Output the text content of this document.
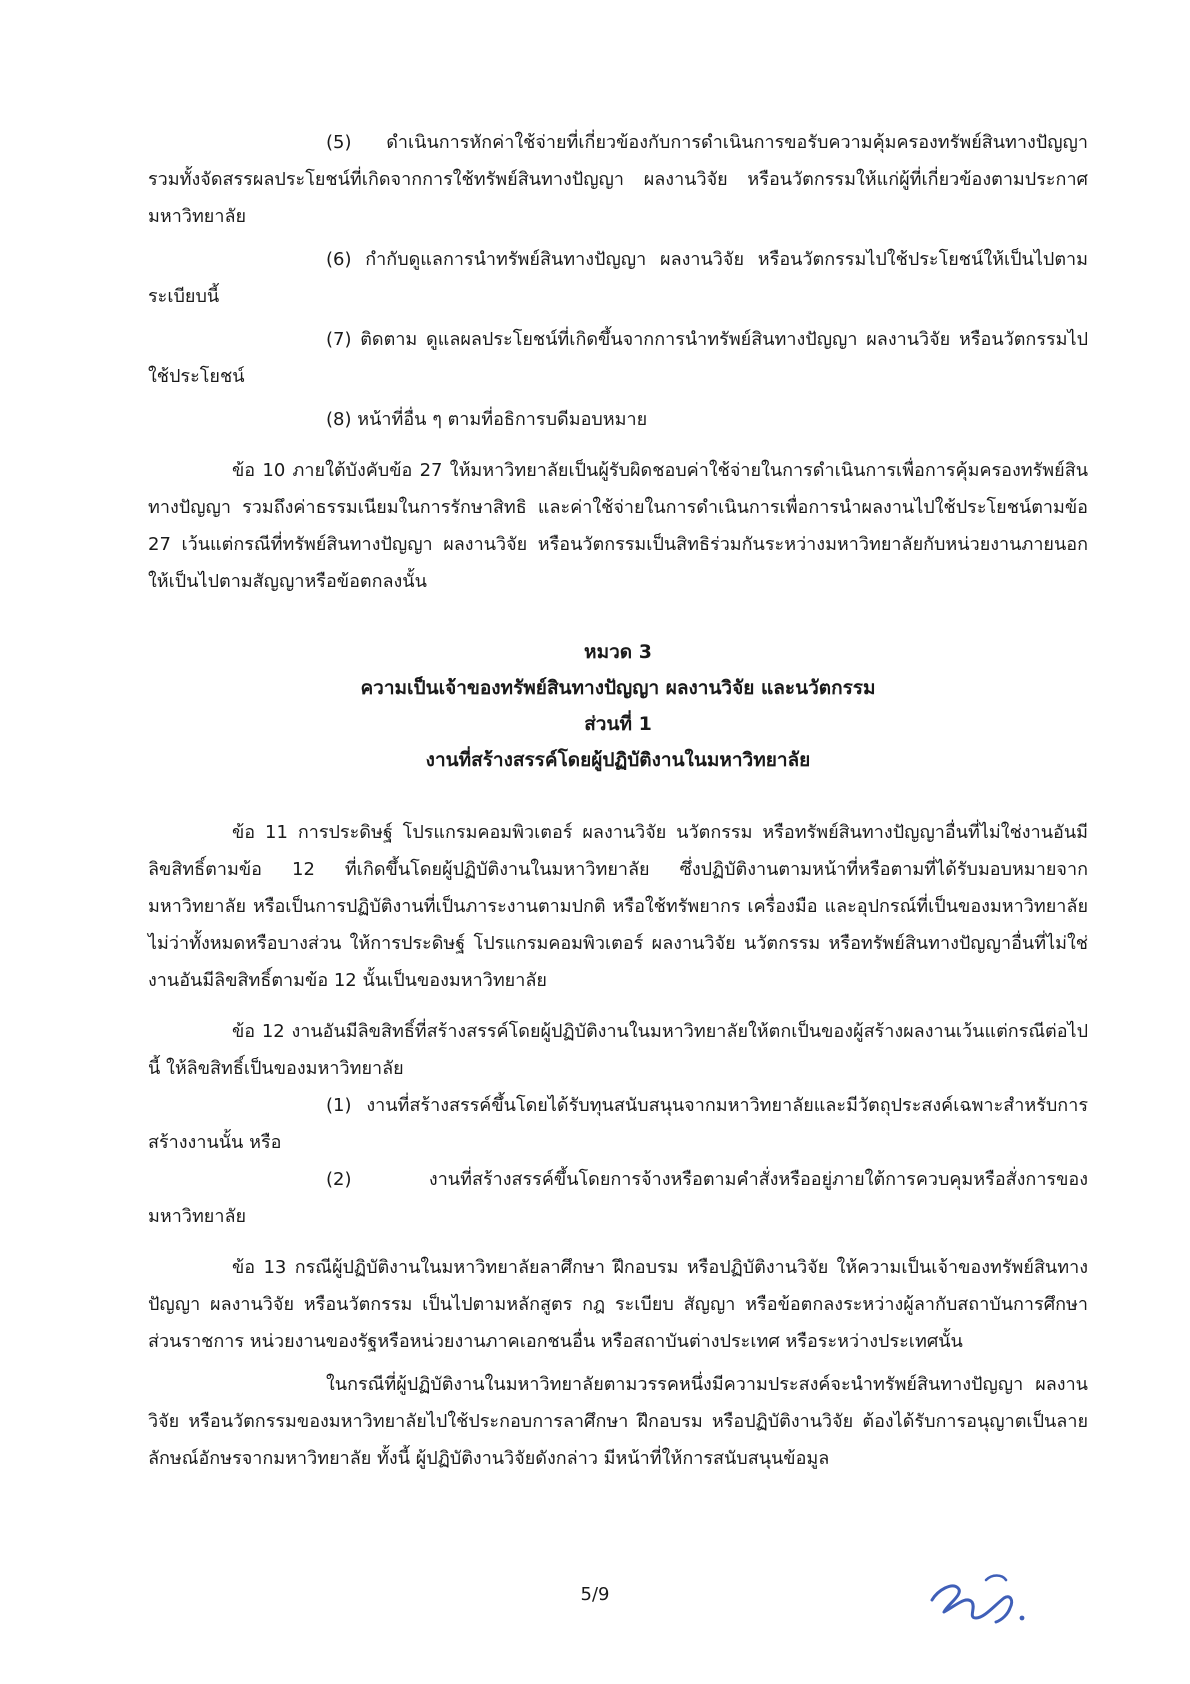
(5) ดำเนินการหักค่าใช้จ่ายที่เกี่ยวข้องกับการดำเนินการขอรับความคุ้มครองทรัพย์สินทางปัญญา รวมทั้งจัดสรรผลประโยชน์ที่เกิดจากการใช้ทรัพย์สินทางปัญญา ผลงานวิจัย หรือนวัตกรรมให้แก่ผู้ที่เกี่ยวข้องตามประกาศมหาวิทยาลัย

(6) กำกับดูแลการนำทรัพย์สินทางปัญญา ผลงานวิจัย หรือนวัตกรรมไปใช้ประโยชน์ให้เป็นไปตามระเบียบนี้

(7) ติดตาม ดูแลผลประโยชน์ที่เกิดขึ้นจากการนำทรัพย์สินทางปัญญา ผลงานวิจัย หรือนวัตกรรมไปใช้ประโยชน์

(8) หน้าที่อื่น ๆ ตามที่อธิการบดีมอบหมาย

ข้อ 10 ภายใต้บังคับข้อ 27 ให้มหาวิทยาลัยเป็นผู้รับผิดชอบค่าใช้จ่ายในการดำเนินการเพื่อการคุ้มครองทรัพย์สินทางปัญญา รวมถึงค่าธรรมเนียมในการรักษาสิทธิ และค่าใช้จ่ายในการดำเนินการเพื่อการนำผลงานไปใช้ประโยชน์ตามข้อ 27 เว้นแต่กรณีที่ทรัพย์สินทางปัญญา ผลงานวิจัย หรือนวัตกรรมเป็นสิทธิร่วมกันระหว่างมหาวิทยาลัยกับหน่วยงานภายนอกให้เป็นไปตามสัญญาหรือข้อตกลงนั้น

หมวด 3
ความเป็นเจ้าของทรัพย์สินทางปัญญา ผลงานวิจัย และนวัตกรรม
ส่วนที่ 1
งานที่สร้างสรรค์โดยผู้ปฏิบัติงานในมหาวิทยาลัย

ข้อ 11 การประดิษฐ์ โปรแกรมคอมพิวเตอร์ ผลงานวิจัย นวัตกรรม หรือทรัพย์สินทางปัญญาอื่นที่ไม่ใช่งานอันมีลิขสิทธิ์ตามข้อ 12 ที่เกิดขึ้นโดยผู้ปฏิบัติงานในมหาวิทยาลัย ซึ่งปฏิบัติงานตามหน้าที่หรือตามที่ได้รับมอบหมายจากมหาวิทยาลัย หรือเป็นการปฏิบัติงานที่เป็นภาระงานตามปกติ หรือใช้ทรัพยากร เครื่องมือ และอุปกรณ์ที่เป็นของมหาวิทยาลัยไม่ว่าทั้งหมดหรือบางส่วน ให้การประดิษฐ์ โปรแกรมคอมพิวเตอร์ ผลงานวิจัย นวัตกรรม หรือทรัพย์สินทางปัญญาอื่นที่ไม่ใช่งานอันมีลิขสิทธิ์ตามข้อ 12 นั้นเป็นของมหาวิทยาลัย

ข้อ 12 งานอันมีลิขสิทธิ์ที่สร้างสรรค์โดยผู้ปฏิบัติงานในมหาวิทยาลัยให้ตกเป็นของผู้สร้างผลงานเว้นแต่กรณีต่อไปนี้ ให้ลิขสิทธิ์เป็นของมหาวิทยาลัย

(1) งานที่สร้างสรรค์ขึ้นโดยได้รับทุนสนับสนุนจากมหาวิทยาลัยและมีวัตถุประสงค์เฉพาะสำหรับการสร้างงานนั้น หรือ

(2) งานที่สร้างสรรค์ขึ้นโดยการจ้างหรือตามคำสั่งหรืออยู่ภายใต้การควบคุมหรือสั่งการของมหาวิทยาลัย

ข้อ 13 กรณีผู้ปฏิบัติงานในมหาวิทยาลัยลาศึกษา ฝึกอบรม หรือปฏิบัติงานวิจัย ให้ความเป็นเจ้าของทรัพย์สินทางปัญญา ผลงานวิจัย หรือนวัตกรรม เป็นไปตามหลักสูตร กฎ ระเบียบ สัญญา หรือข้อตกลงระหว่างผู้ลากับสถาบันการศึกษา ส่วนราชการ หน่วยงานของรัฐหรือหน่วยงานภาคเอกชนอื่น หรือสถาบันต่างประเทศ หรือระหว่างประเทศนั้น

ในกรณีที่ผู้ปฏิบัติงานในมหาวิทยาลัยตามวรรคหนึ่งมีความประสงค์จะนำทรัพย์สินทางปัญญา ผลงานวิจัย หรือนวัตกรรมของมหาวิทยาลัยไปใช้ประกอบการลาศึกษา ฝึกอบรม หรือปฏิบัติงานวิจัย ต้องได้รับการอนุญาตเป็นลายลักษณ์อักษรจากมหาวิทยาลัย ทั้งนี้ ผู้ปฏิบัติงานวิจัยดังกล่าว มีหน้าที่ให้การสนับสนุนข้อมูล

5/9
